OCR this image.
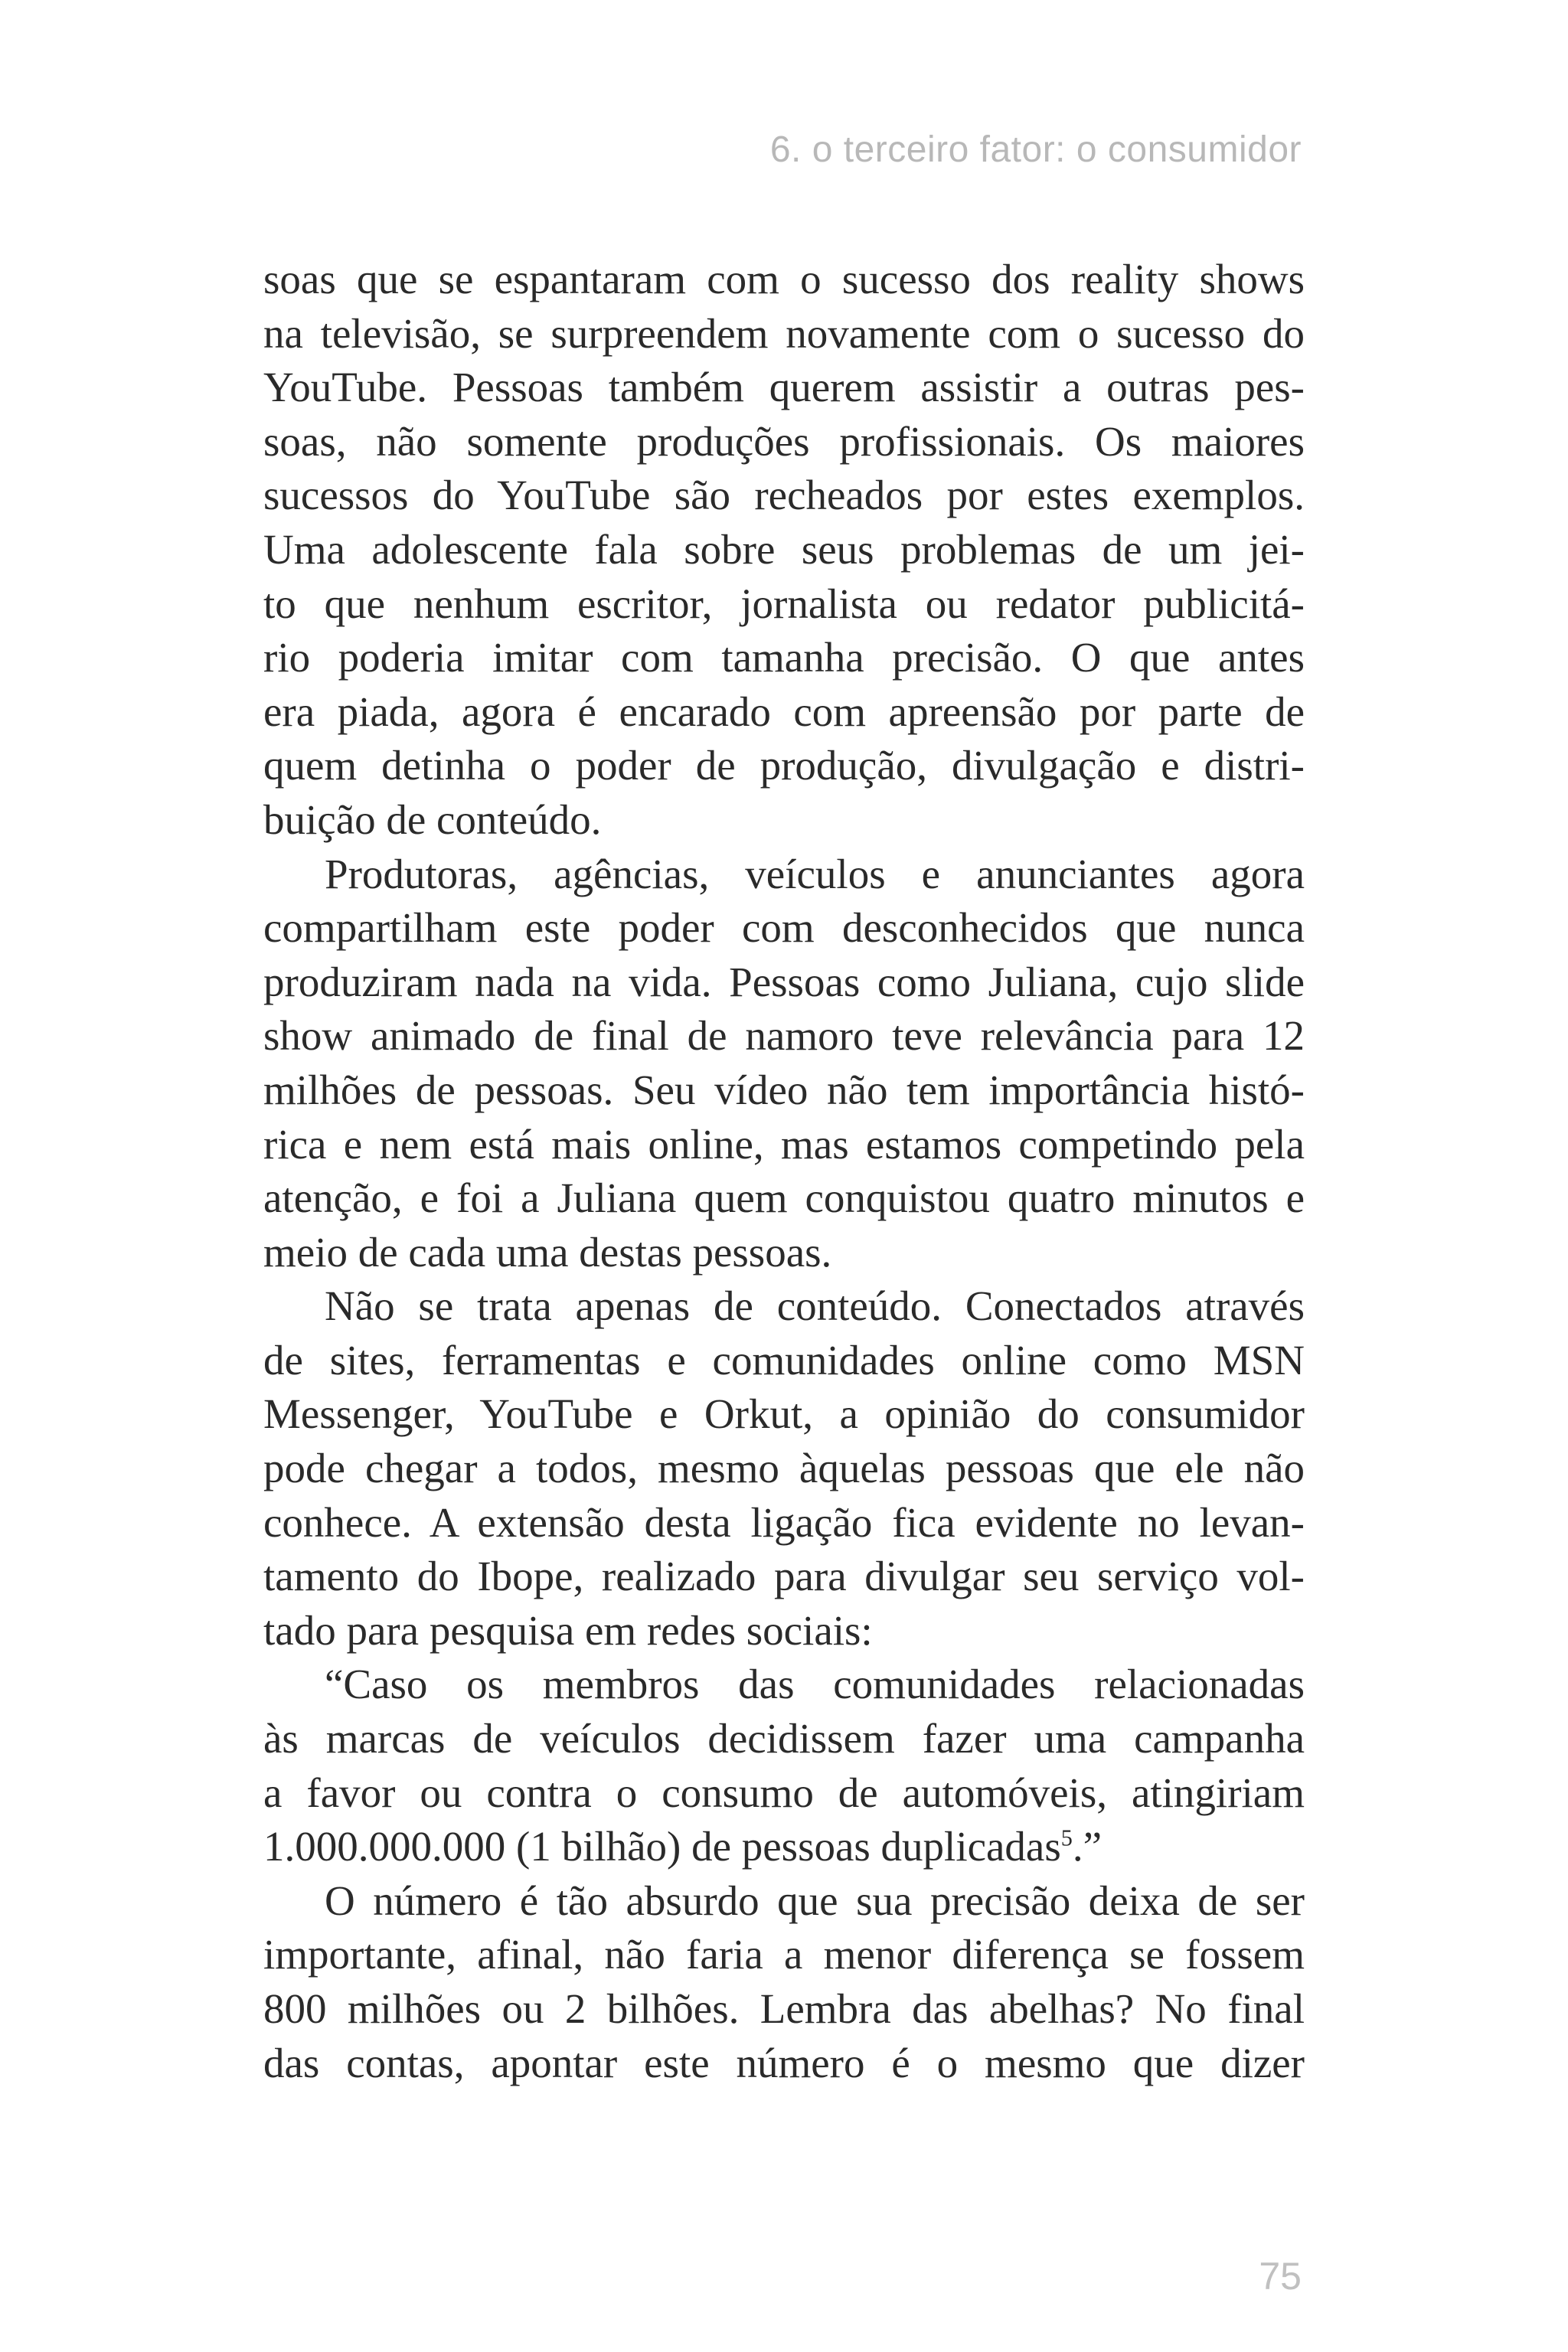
6. o terceiro fator: o consumidor

soas que se espantaram com o sucesso dos reality shows

na televisão, se surpreendem novamente com o sucesso do

YouTube. Pessoas também querem assistir a outras pes-

soas, não somente produções profissionais. Os maiores

sucessos do YouTube são recheados por estes exemplos.

Uma adolescente fala sobre seus problemas de um jei-

to que nenhum escritor, jornalista ou redator publicitá-

rio poderia imitar com tamanha precisão. O que antes

era piada, agora é encarado com apreensão por parte de

quem detinha o poder de produção, divulgação e distri-

buição de conteúdo.

Produtoras, agências, veículos e anunciantes agora

compartilham este poder com desconhecidos que nunca

produziram nada na vida. Pessoas como Juliana, cujo slide

show animado de final de namoro teve relevância para 12

milhões de pessoas. Seu vídeo não tem importância histó-

rica e nem está mais online, mas estamos competindo pela

atenção, e foi a Juliana quem conquistou quatro minutos e

meio de cada uma destas pessoas.

Não se trata apenas de conteúdo. Conectados através

de sites, ferramentas e comunidades online como MSN

Messenger, YouTube e Orkut, a opinião do consumidor

pode chegar a todos, mesmo àquelas pessoas que ele não

conhece. A extensão desta ligação fica evidente no levan-

tamento do Ibope, realizado para divulgar seu serviço vol-

tado para pesquisa em redes sociais:

“Caso os membros das comunidades relacionadas

às marcas de veículos decidissem fazer uma campanha

a favor ou contra o consumo de automóveis, atingiriam

1.000.000.000 (1 bilhão) de pessoas duplicadas$^5$.”

O número é tão absurdo que sua precisão deixa de ser

importante, afinal, não faria a menor diferença se fossem

800 milhões ou 2 bilhões. Lembra das abelhas? No final

das contas, apontar este número é o mesmo que dizer

75
